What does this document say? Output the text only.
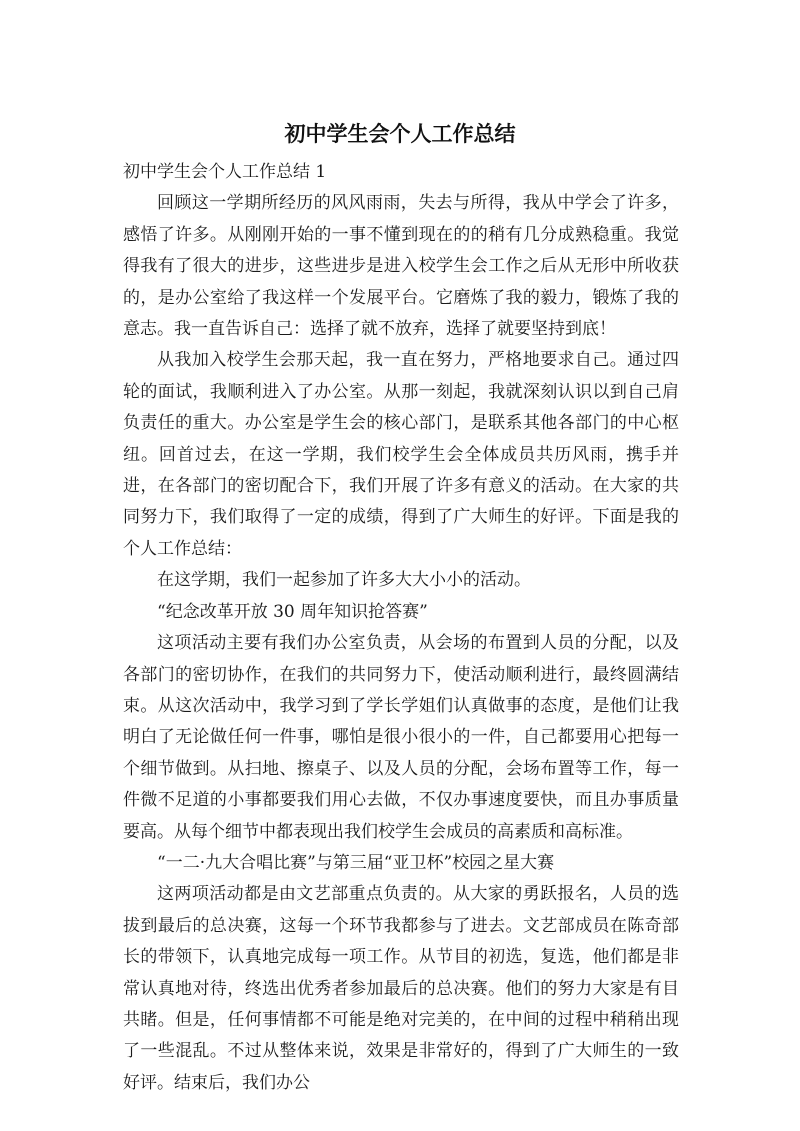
初中学生会个人工作总结

初中学生会个人工作总结 1

回顾这一学期所经历的风风雨雨，失去与所得，我从中学会了许多，感悟了许多。从刚刚开始的一事不懂到现在的的稍有几分成熟稳重。我觉得我有了很大的进步，这些进步是进入校学生会工作之后从无形中所收获的，是办公室给了我这样一个发展平台。它磨炼了我的毅力，锻炼了我的意志。我一直告诉自己：选择了就不放弃，选择了就要坚持到底！

从我加入校学生会那天起，我一直在努力，严格地要求自己。通过四轮的面试，我顺利进入了办公室。从那一刻起，我就深刻认识以到自己肩负责任的重大。办公室是学生会的核心部门，是联系其他各部门的中心枢纽。回首过去，在这一学期，我们校学生会全体成员共历风雨，携手并进，在各部门的密切配合下，我们开展了许多有意义的活动。在大家的共同努力下，我们取得了一定的成绩，得到了广大师生的好评。下面是我的个人工作总结：

在这学期，我们一起参加了许多大大小小的活动。

“纪念改革开放 30 周年知识抢答赛”

这项活动主要有我们办公室负责，从会场的布置到人员的分配，以及各部门的密切协作，在我们的共同努力下，使活动顺利进行，最终圆满结束。从这次活动中，我学习到了学长学姐们认真做事的态度，是他们让我明白了无论做任何一件事，哪怕是很小很小的一件，自己都要用心把每一个细节做到。从扫地、擦桌子、以及人员的分配，会场布置等工作，每一件微不足道的小事都要我们用心去做，不仅办事速度要快，而且办事质量要高。从每个细节中都表现出我们校学生会成员的高素质和高标准。

“一二·九大合唱比赛”与第三届“亚卫杯”校园之星大赛

这两项活动都是由文艺部重点负责的。从大家的勇跃报名，人员的选拔到最后的总决赛，这每一个环节我都参与了进去。文艺部成员在陈奇部长的带领下，认真地完成每一项工作。从节目的初选，复选，他们都是非常认真地对待，终选出优秀者参加最后的总决赛。他们的努力大家是有目共睹。但是，任何事情都不可能是绝对完美的，在中间的过程中稍稍出现了一些混乱。不过从整体来说，效果是非常好的，得到了广大师生的一致好评。结束后，我们办公
